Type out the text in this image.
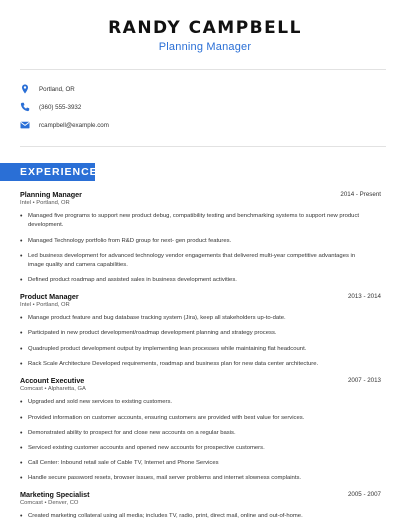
RANDY CAMPBELL
Planning Manager
Portland, OR
(360) 555-3932
rcampbell@example.com
EXPERIENCE
Planning Manager	2014 - Present
Intel • Portland, OR
• Managed five programs to support new product debug, compatibility testing and benchmarking systems to support new product development.
• Managed Technology portfolio from R&D group for next- gen product features.
• Led business development for advanced technology vendor engagements that delivered multi-year competitive advantages in image quality and camera capabilities.
• Defined product roadmap and assisted sales in business development activities.
Product Manager	2013 - 2014
Intel • Portland, OR
• Manage product feature and bug database tracking system (Jira), keep all stakeholders up-to-date.
• Participated in new product development/roadmap development planning and strategy process.
• Quadrupled product development output by implementing lean processes while maintaining flat headcount.
• Rack Scale Architecture Developed requirements, roadmap and business plan for new data center architecture.
Account Executive	2007 - 2013
Comcast • Alpharetta, GA
• Upgraded and sold new services to existing customers.
• Provided information on customer accounts, ensuring customers are provided with best value for services.
• Demonstrated ability to prospect for and close new accounts on a regular basis.
• Serviced existing customer accounts and opened new accounts for prospective customers.
• Call Center: Inbound retail sale of Cable TV, Internet and Phone Services
• Handle secure password resets, browser issues, mail server problems and internet slowness complaints.
Marketing Specialist	2005 - 2007
Comcast • Denver, CO
• Created marketing collateral using all media; includes TV, radio, print, direct mail, online and out-of-home.
